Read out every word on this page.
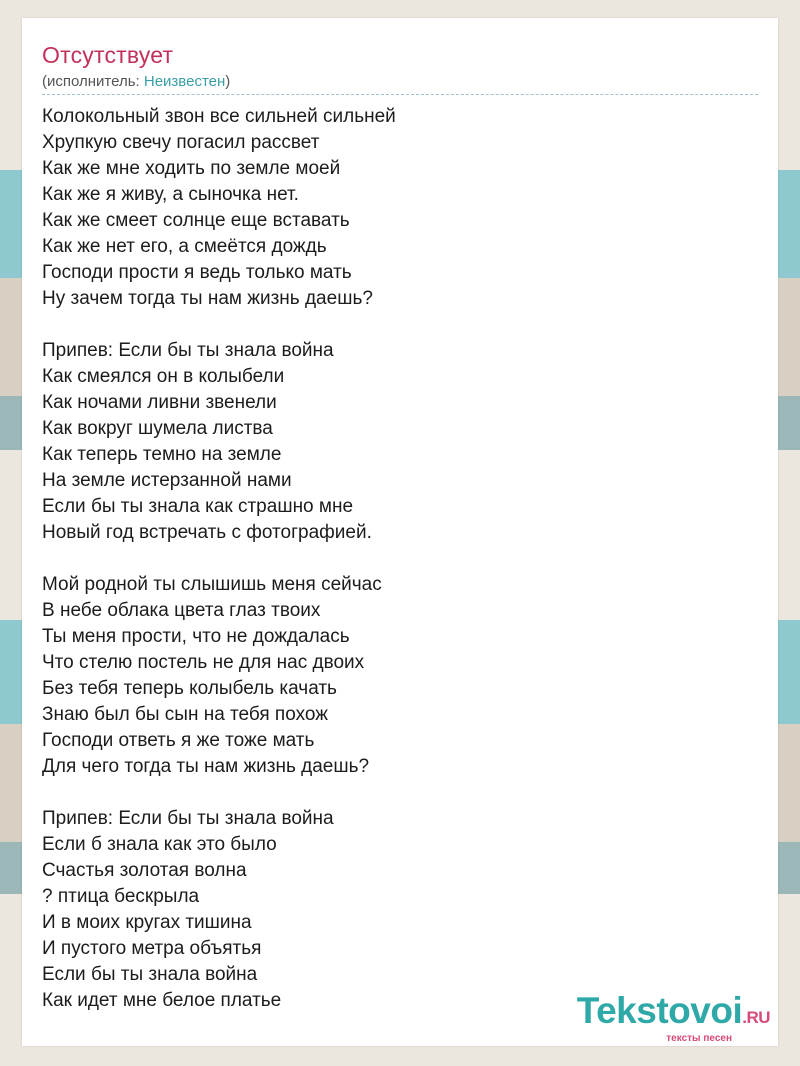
Отсутствует
(исполнитель: Неизвестен)
Колокольный звон все сильней сильней
Хрупкую свечу погасил рассвет
Как же мне ходить по земле моей
Как же я живу, а сыночка нет.
Как же смеет солнце еще вставать
Как же нет его, а смеётся дождь
Господи прости я ведь только мать
Ну зачем тогда ты нам жизнь даешь?
Припев: Если бы ты знала война
Как смеялся он в колыбели
Как ночами ливни звенели
Как вокруг шумела листва
Как теперь темно на земле
На земле истерзанной нами
Если бы ты знала как страшно мне
Новый год встречать с фотографией.
Мой родной ты слышишь меня сейчас
В небе облака цвета глаз твоих
Ты меня прости, что не дождалась
Что стелю постель не для нас двоих
Без тебя теперь колыбель качать
Знаю был бы сын на тебя похож
Господи ответь я же тоже мать
Для чего тогда ты нам жизнь даешь?
Припев: Если бы ты знала война
Если б знала как это было
Счастья золотая волна
? птица бескрыла
И в моих кругах тишина
И пустого метра объятья
Если бы ты знала война
Как идет мне белое платье	Tekstovoi.RU
тексты песен
